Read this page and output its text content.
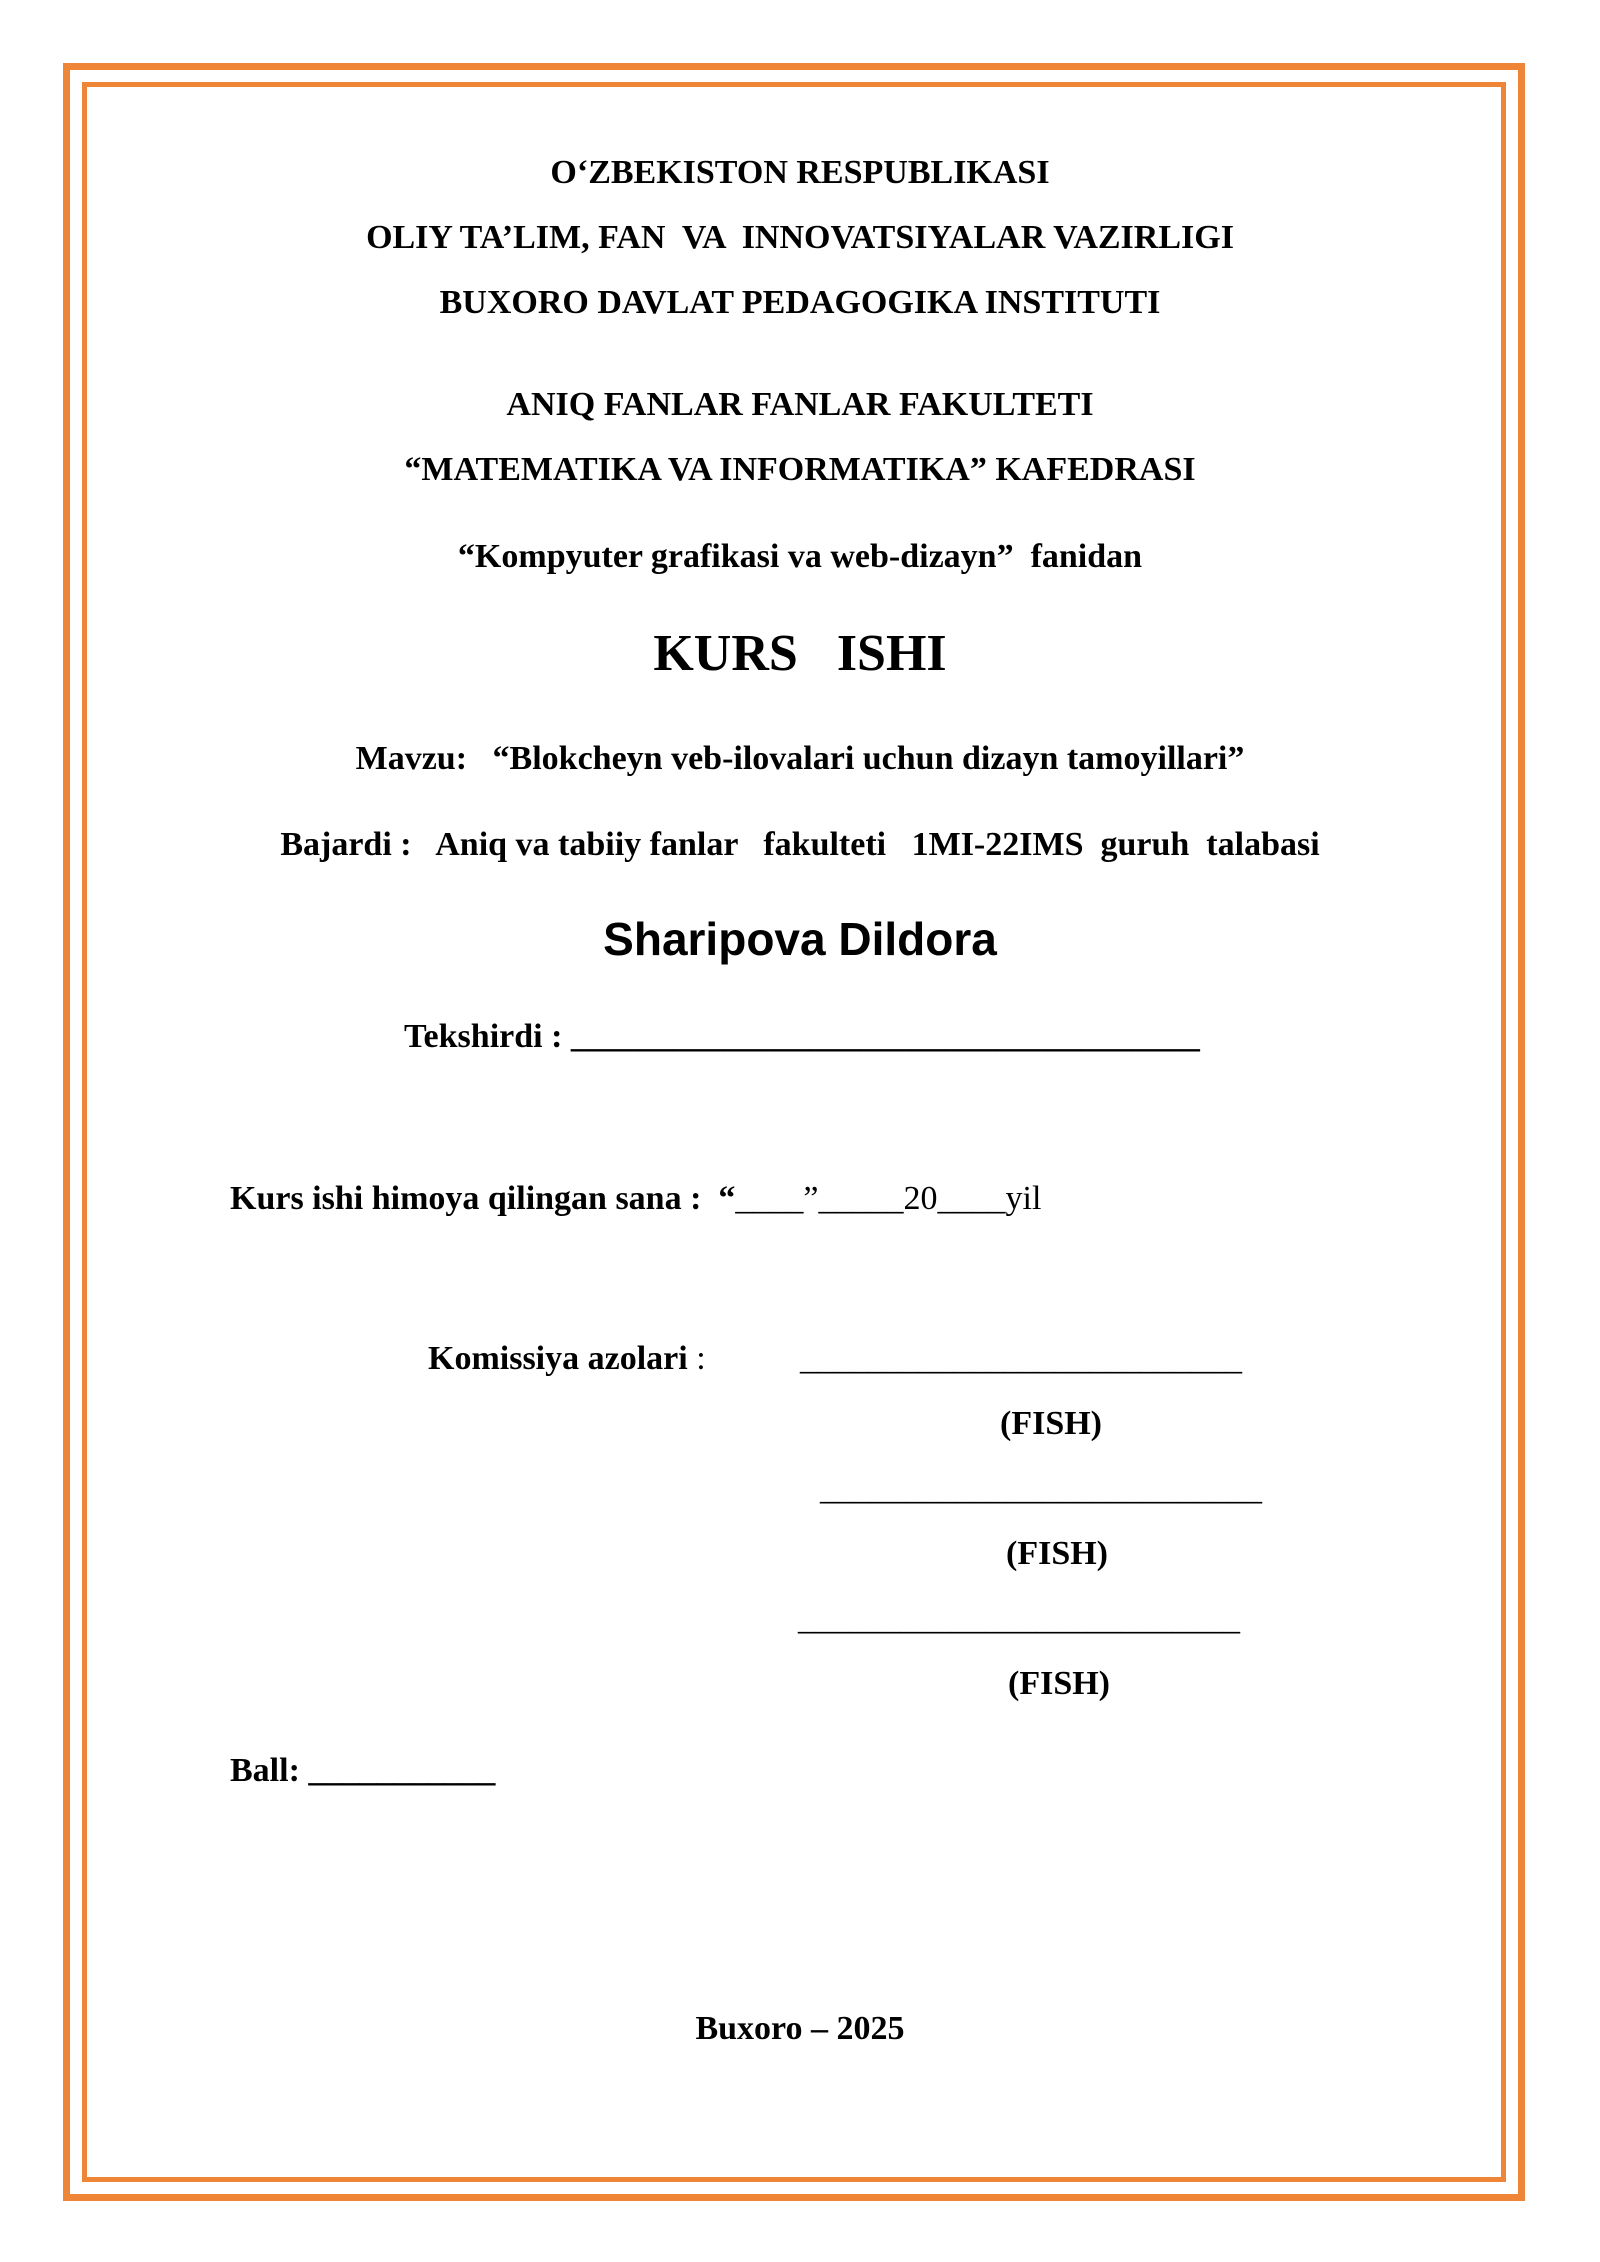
O‘ZBEKISTON RESPUBLIKASI
OLIY TA’LIM, FAN  VA  INNOVATSIYALAR VAZIRLIGI
BUXORO DAVLAT PEDAGOGIKA INSTITUTI
ANIQ FANLAR FANLAR FAKULTETI
“MATEMATIKA VA INFORMATIKA” KAFEDRASI
“Kompyuter grafikasi va web-dizayn”  fanidan
KURS   ISHI
Mavzu:   “Blokcheyn veb-ilovalari uchun dizayn tamoyillari”
Bajardi :   Aniq va tabiiy fanlar   fakulteti   1MI-22IMS  guruh  talabasi
Sharipova Dildora
Tekshirdi : _____________________________________
Kurs ishi himoya qilingan sana :  “____”_____20____yil
Komissiya azolari :	__________________________
(FISH)
__________________________
(FISH)
__________________________
(FISH)
Ball: ___________
Buxoro – 2025
